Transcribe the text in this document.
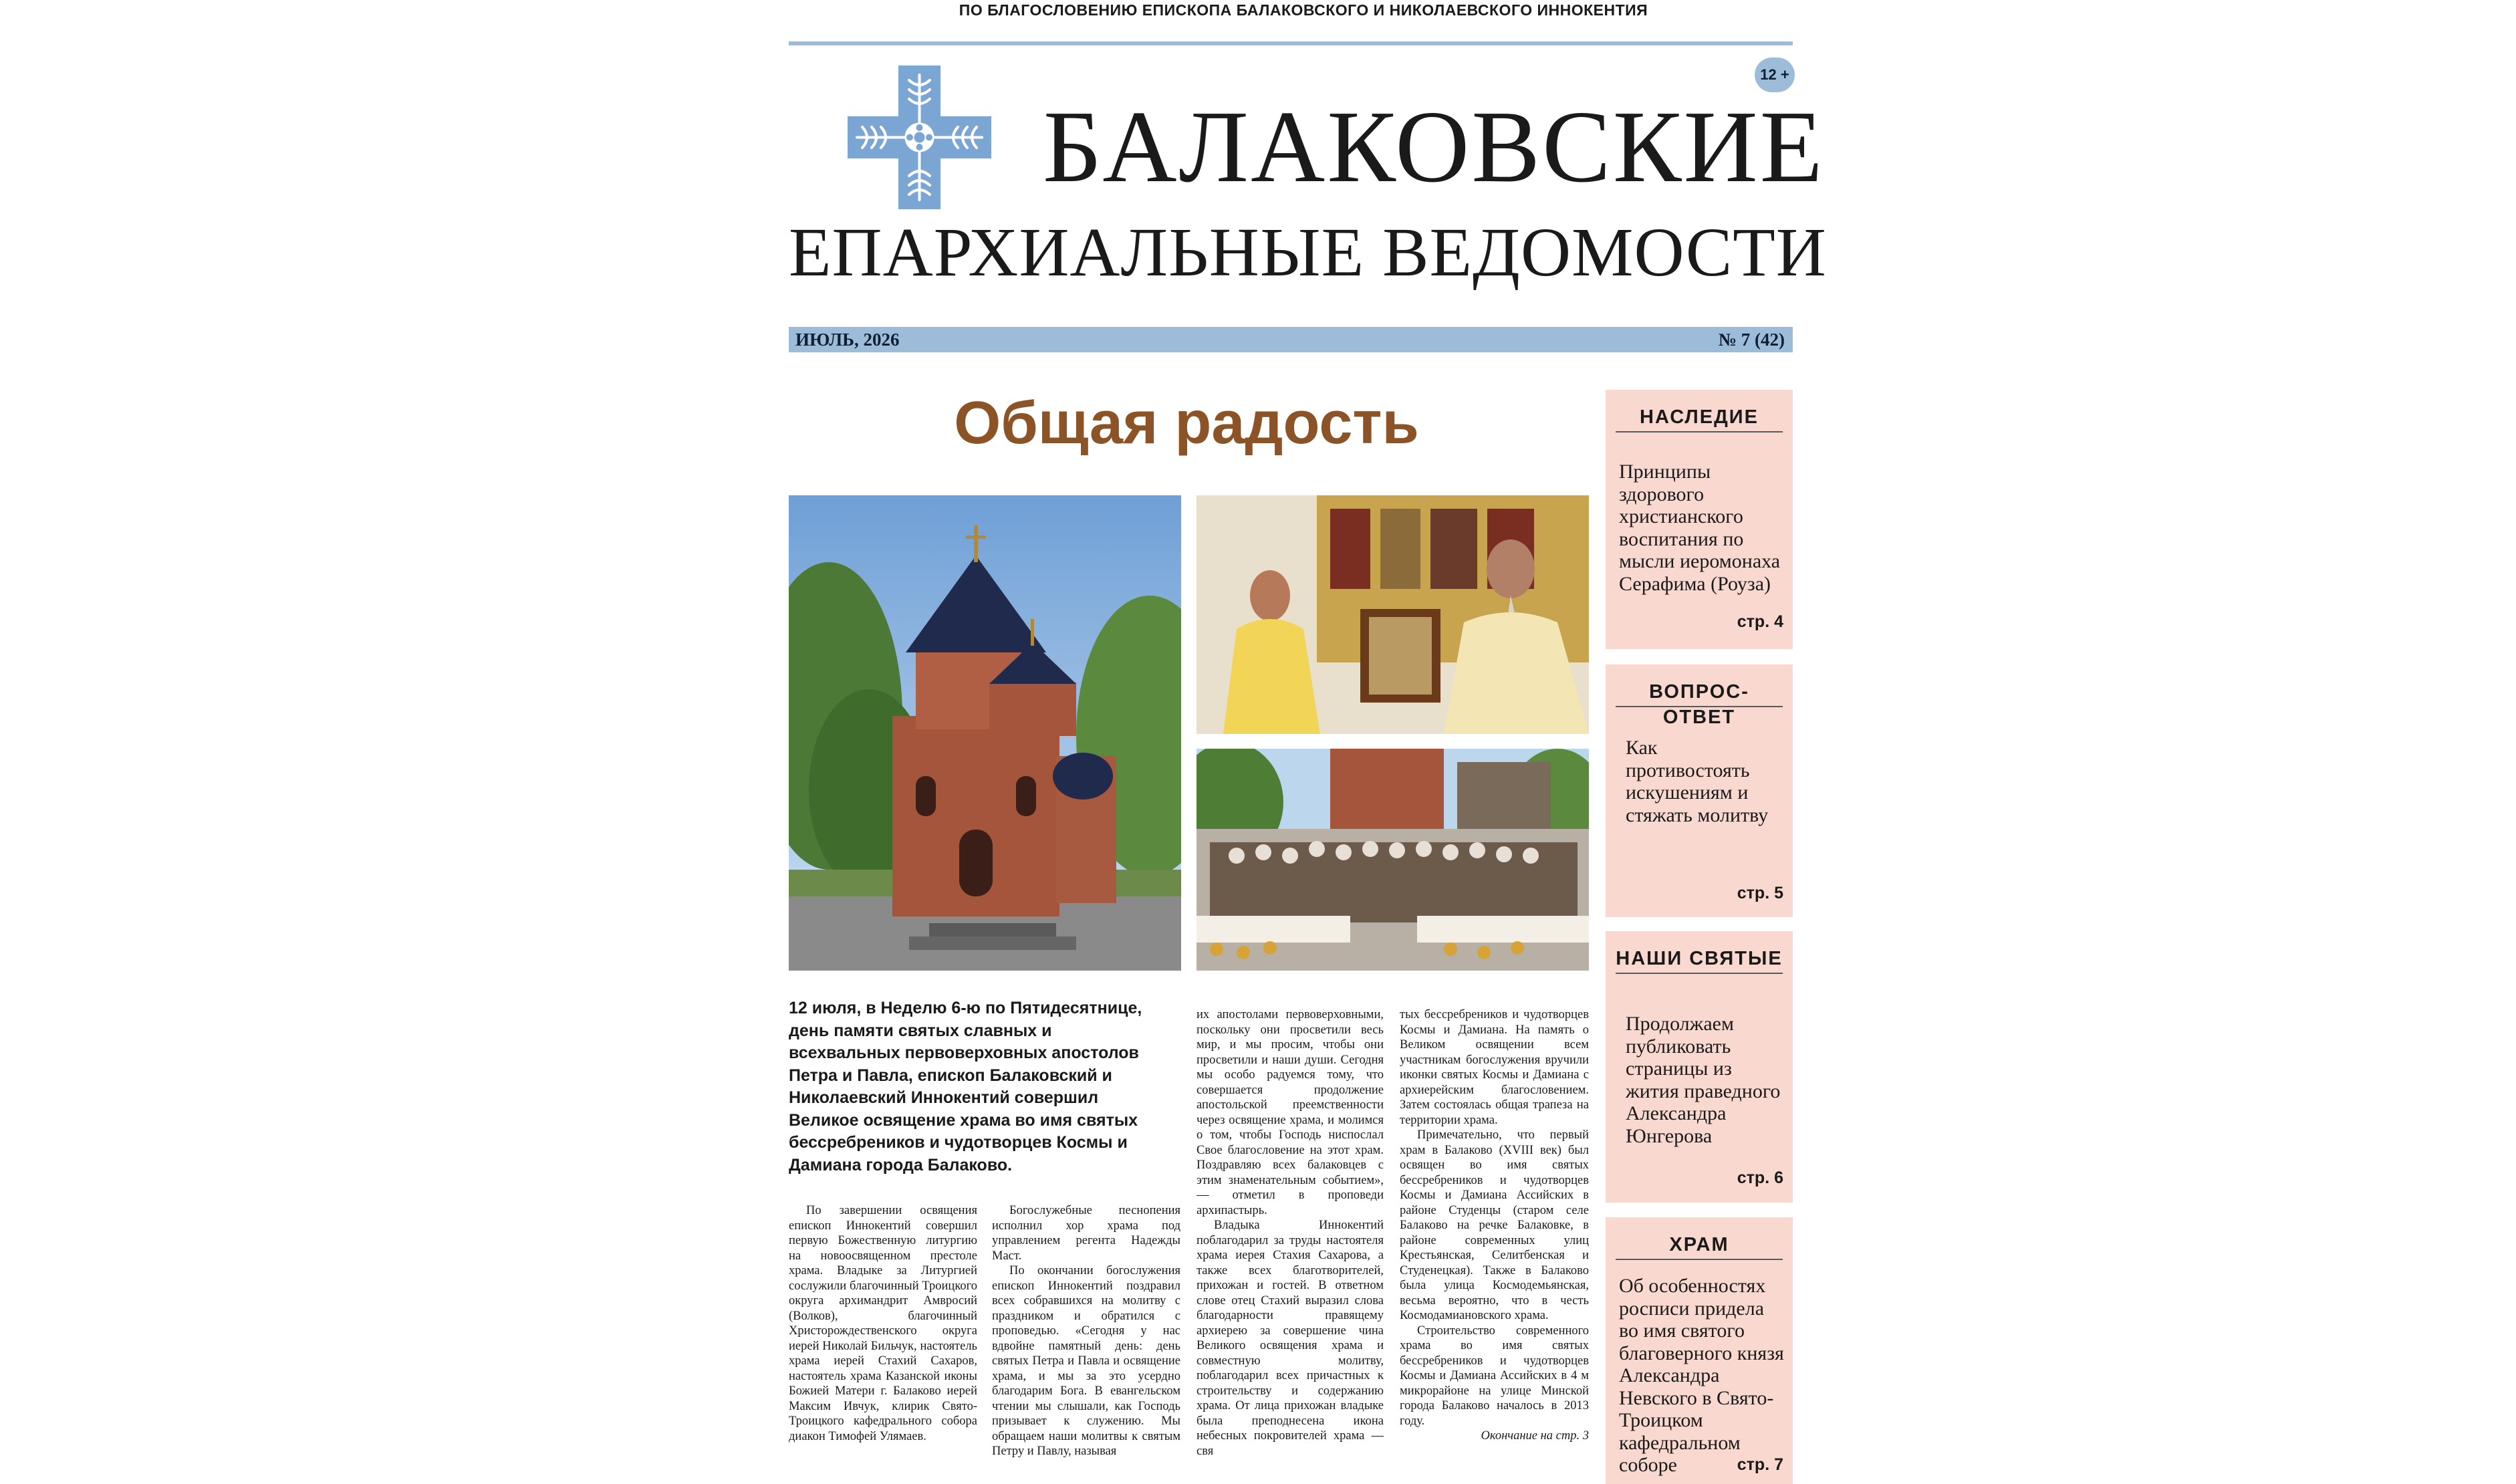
ПО БЛАГОСЛОВЕНИЮ ЕПИСКОПА БАЛАКОВСКОГО И НИКОЛАЕВСКОГО ИННОКЕНТИЯ
12 +
БАЛАКОВСКИЕ
ЕПАРХИАЛЬНЫЕ ВЕДОМОСТИ
ИЮЛЬ, 2026	№ 7 (42)
Общая радость
12 июля, в Неделю 6-ю по Пятидесятнице, день памяти святых славных и всехвальных первоверховных апостолов Петра и Павла, епископ Балаковский и Николаевский Иннокентий совершил Великое освящение храма во имя святых бессребреников и чудотворцев Космы и Дамиана города Балаково.

По завершении освящения епископ Иннокентий совершил первую Божественную литургию на новоосвященном престоле храма. Владыке за Литургией сослужили благочинный Троицкого округа архимандрит Амвросий (Волков), благочинный Христорождественского округа иерей Николай Бильчук, настоятель храма иерей Стахий Сахаров, настоятель храма Казанской иконы Божией Матери г. Балаково иерей Максим Ивчук, клирик Свято-Троицкого кафедрального собора диакон Тимофей Улямаев.

Богослужебные песнопения исполнил хор храма под управлением регента Надежды Маст.

По окончании богослужения епископ Иннокентий поздравил всех собравшихся на молитву с праздником и обратился с проповедью. «Сегодня у нас вдвойне памятный день: день святых Петра и Павла и освящение храма, и мы за это усердно благодарим Бога. В евангельском чтении мы слышали, как Господь призывает к служению. Мы обращаем наши молитвы к святым Петру и Павлу, называя

их апостолами первоверховными, поскольку они просветили весь мир, и мы просим, чтобы они просветили и наши души. Сегодня мы особо радуемся тому, что совершается продолжение апостольской преемственности через освящение храма, и молимся о том, чтобы Господь ниспослал Свое благословение на этот храм. Поздравляю всех балаковцев с этим знаменательным событием», — отметил в проповеди архипастырь.

Владыка Иннокентий поблагодарил за труды настоятеля храма иерея Стахия Сахарова, а также всех благотворителей, прихожан и гостей. В ответном слове отец Стахий выразил слова благодарности правящему архиерею за совершение чина Великого освящения храма и совместную молитву, поблагодарил всех причастных к строительству и содержанию храма. От лица прихожан владыке была преподнесена икона небесных покровителей храма — свя

тых бессребреников и чудотворцев Космы и Дамиана. На память о Великом освящении всем участникам богослужения вручили иконки святых Космы и Дамиана с архиерейским благословением. Затем состоялась общая трапеза на территории храма.

Примечательно, что первый храм в Балаково (XVIII век) был освящен во имя святых бессребреников и чудотворцев Космы и Дамиана Ассийских в районе Студенцы (старом селе Балаково на речке Балаковке, в районе современных улиц Крестьянская, Селитбенская и Студенецкая). Также в Балаково была улица Космодемьянская, весьма вероятно, что в честь Космодамиановского храма.

Строительство современного храма во имя святых бессребреников и чудотворцев Космы и Дамиана Ассийских в 4 м микрорайоне на улице Минской города Балаково началось в 2013 году.

Окончание на стр. 3

НАСЛЕДИЕ
Принципы здорового христианского воспитания по мысли иеромонаха Серафима (Роуза)
стр. 4
ВОПРОС-ОТВЕТ
Как противостоять искушениям и стяжать молитву
стр. 5
НАШИ СВЯТЫЕ
Продолжаем публиковать страницы из жития праведного Александра Юнгерова
стр. 6
ХРАМ
Об особенностях росписи придела во имя святого благоверного князя Александра Невского в Свято-Троицком кафедральном соборе	стр. 7
